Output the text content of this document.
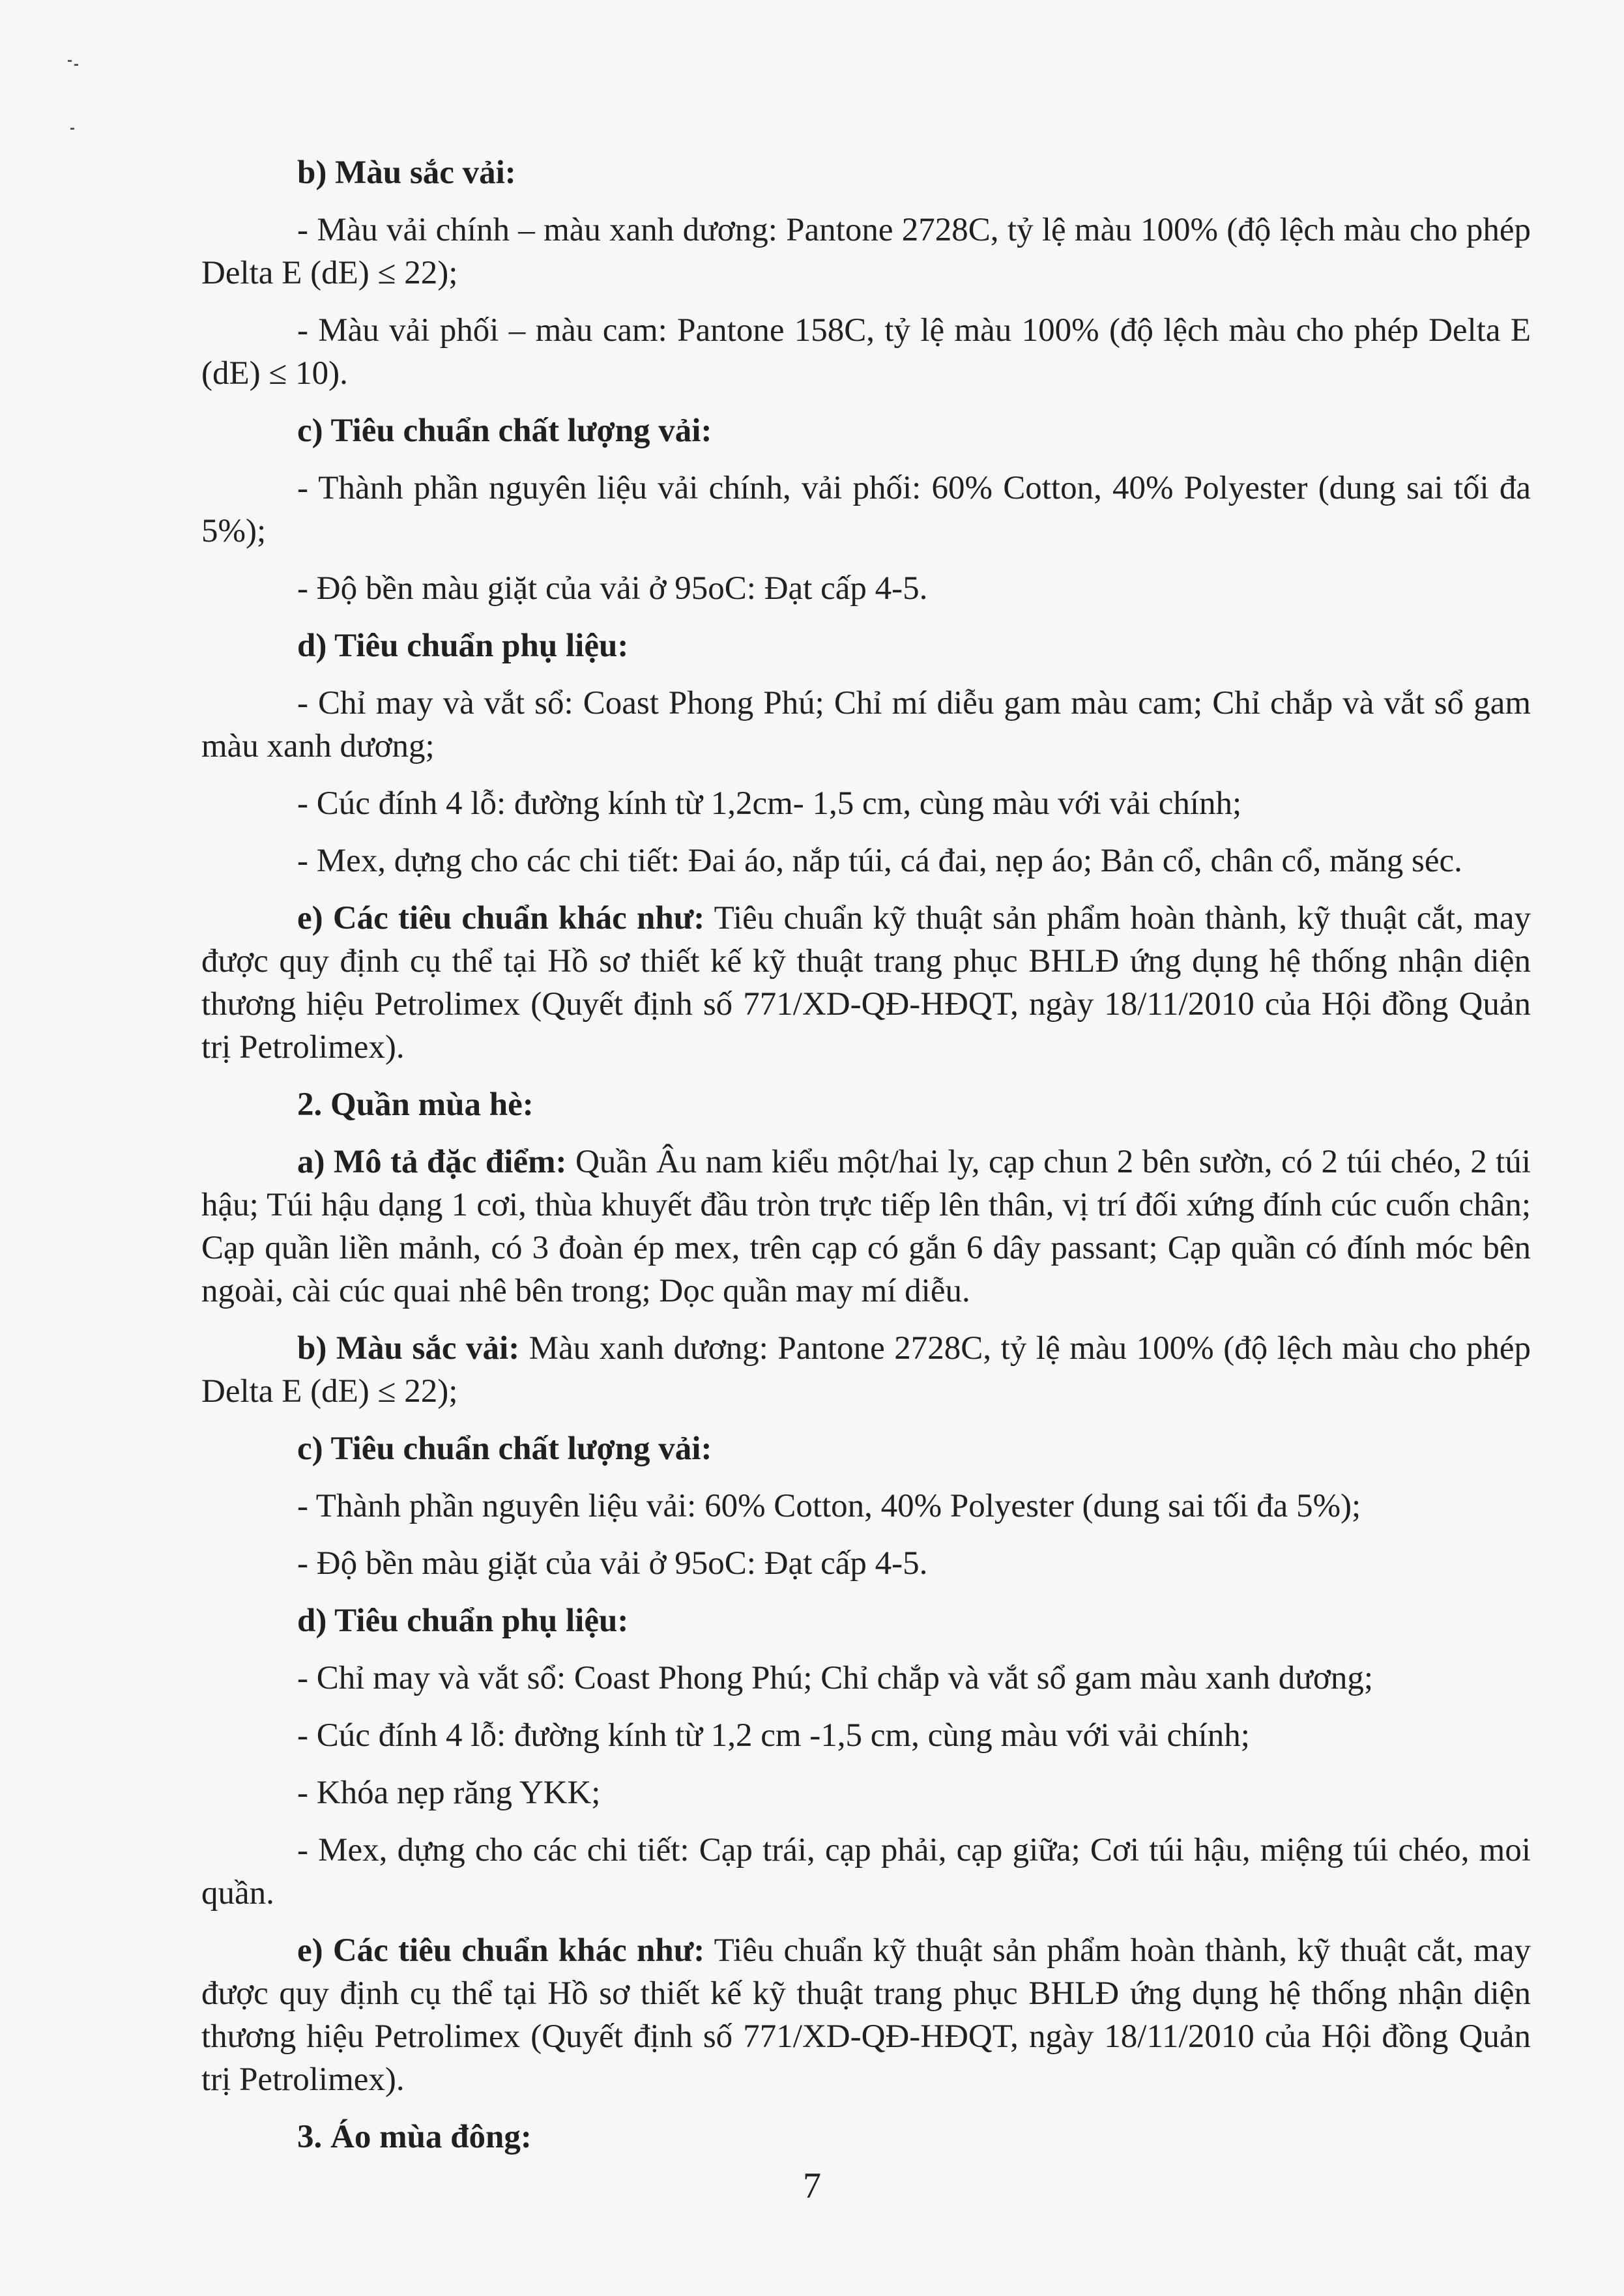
b) Màu sắc vải:

- Màu vải chính – màu xanh dương: Pantone 2728C, tỷ lệ màu 100% (độ lệch màu cho phép Delta E (dE) ≤ 22);

- Màu vải phối – màu cam: Pantone 158C, tỷ lệ màu 100% (độ lệch màu cho phép Delta E (dE) ≤ 10).

c) Tiêu chuẩn chất lượng vải:

- Thành phần nguyên liệu vải chính, vải phối: 60% Cotton, 40% Polyester (dung sai tối đa 5%);

- Độ bền màu giặt của vải ở 95oC: Đạt cấp 4-5.

d) Tiêu chuẩn phụ liệu:

- Chỉ may và vắt sổ: Coast Phong Phú; Chỉ mí diễu gam màu cam; Chỉ chắp và vắt sổ gam màu xanh dương;

- Cúc đính 4 lỗ: đường kính từ 1,2cm- 1,5 cm, cùng màu với vải chính;

- Mex, dựng cho các chi tiết: Đai áo, nắp túi, cá đai, nẹp áo; Bản cổ, chân cổ, măng séc.

e) Các tiêu chuẩn khác như: Tiêu chuẩn kỹ thuật sản phẩm hoàn thành, kỹ thuật cắt, may được quy định cụ thể tại Hồ sơ thiết kế kỹ thuật trang phục BHLĐ ứng dụng hệ thống nhận diện thương hiệu Petrolimex (Quyết định số 771/XD-QĐ-HĐQT, ngày 18/11/2010 của Hội đồng Quản trị Petrolimex).

2. Quần mùa hè:

a) Mô tả đặc điểm: Quần Âu nam kiểu một/hai ly, cạp chun 2 bên sườn, có 2 túi chéo, 2 túi hậu; Túi hậu dạng 1 cơi, thùa khuyết đầu tròn trực tiếp lên thân, vị trí đối xứng đính cúc cuốn chân; Cạp quần liền mảnh, có 3 đoàn ép mex, trên cạp có gắn 6 dây passant; Cạp quần có đính móc bên ngoài, cài cúc quai nhê bên trong; Dọc quần may mí diễu.

b) Màu sắc vải: Màu xanh dương: Pantone 2728C, tỷ lệ màu 100% (độ lệch màu cho phép Delta E (dE) ≤ 22);

c) Tiêu chuẩn chất lượng vải:

- Thành phần nguyên liệu vải: 60% Cotton, 40% Polyester (dung sai tối đa 5%);

- Độ bền màu giặt của vải ở 95oC: Đạt cấp 4-5.

d) Tiêu chuẩn phụ liệu:

- Chỉ may và vắt sổ: Coast Phong Phú; Chỉ chắp và vắt sổ gam màu xanh dương;

- Cúc đính 4 lỗ: đường kính từ 1,2 cm -1,5 cm, cùng màu với vải chính;

- Khóa nẹp răng YKK;

- Mex, dựng cho các chi tiết: Cạp trái, cạp phải, cạp giữa; Cơi túi hậu, miệng túi chéo, moi quần.

e) Các tiêu chuẩn khác như: Tiêu chuẩn kỹ thuật sản phẩm hoàn thành, kỹ thuật cắt, may được quy định cụ thể tại Hồ sơ thiết kế kỹ thuật trang phục BHLĐ ứng dụng hệ thống nhận diện thương hiệu Petrolimex (Quyết định số 771/XD-QĐ-HĐQT, ngày 18/11/2010 của Hội đồng Quản trị Petrolimex).

3. Áo mùa đông:

7
